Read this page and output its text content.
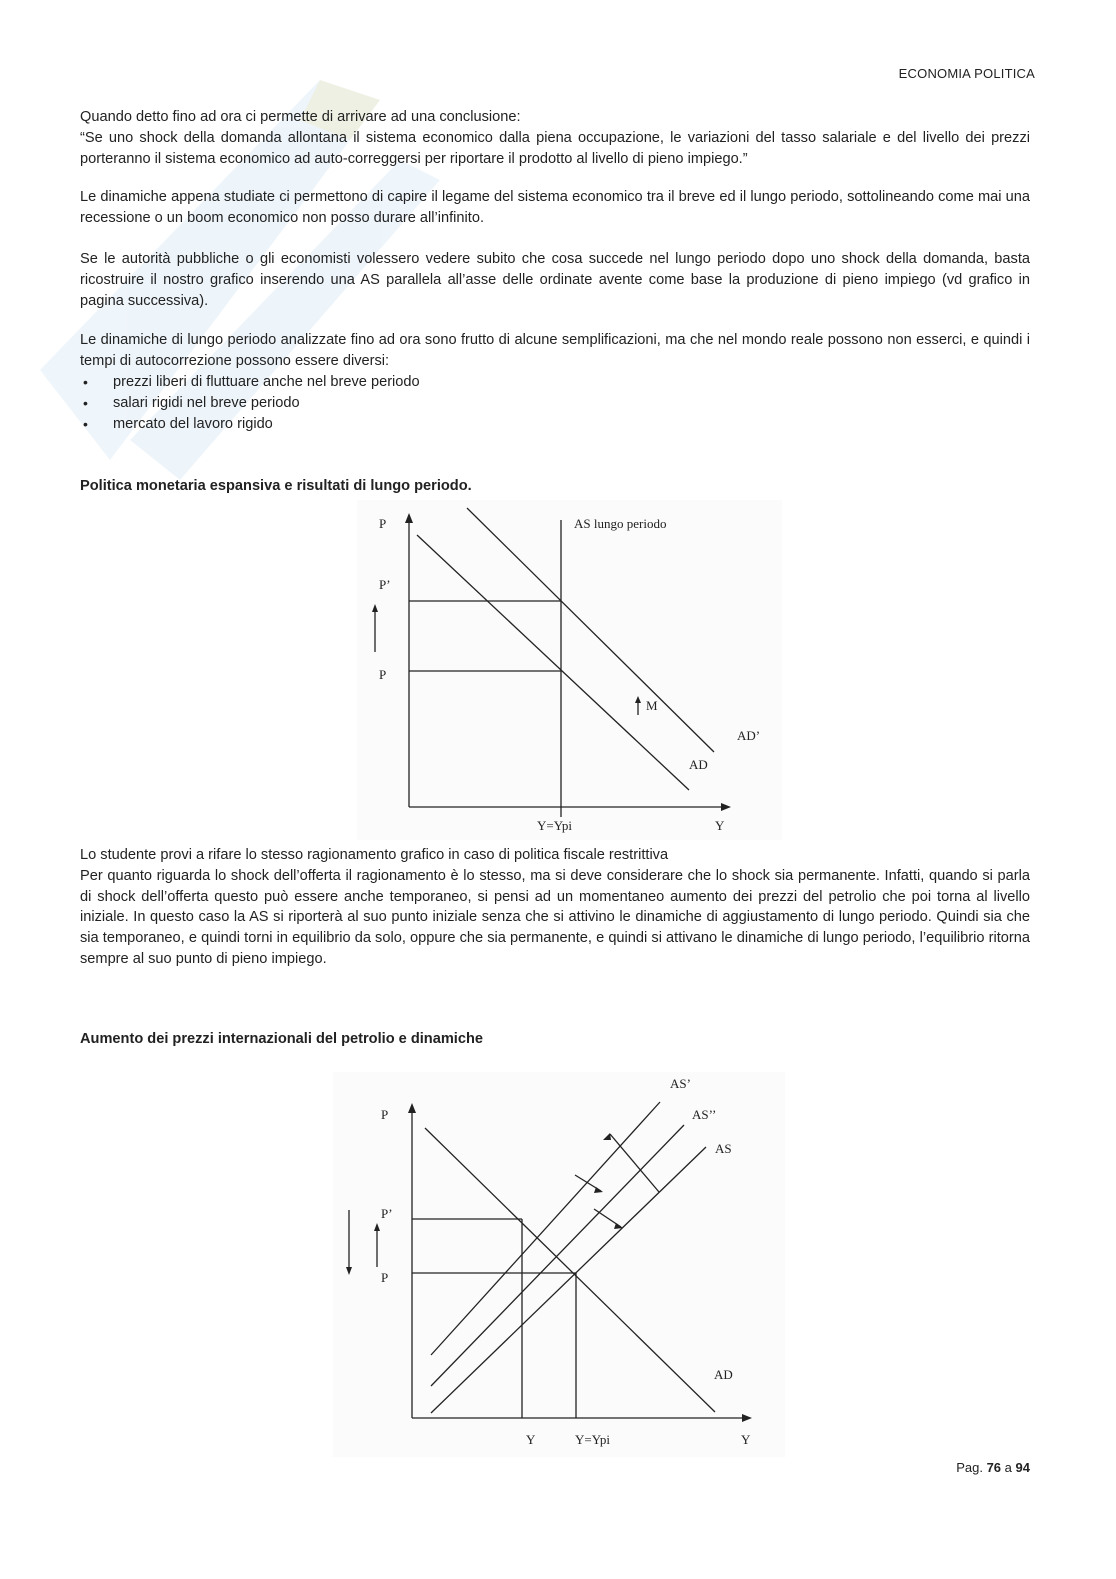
ECONOMIA POLITICA

Quando detto fino ad ora ci permette di arrivare ad una conclusione:

“Se uno shock della domanda allontana il sistema economico dalla piena occupazione, le variazioni del tasso salariale e del livello dei prezzi porteranno il sistema economico ad auto-correggersi per riportare il prodotto al livello di pieno impiego.”

Le dinamiche appena studiate ci permettono di capire il legame del sistema economico tra il breve ed il lungo periodo, sottolineando come mai una recessione o un boom economico non posso durare all’infinito.

Se le autorità pubbliche o gli economisti volessero vedere subito che cosa succede nel lungo periodo dopo uno shock della domanda, basta ricostruire il nostro grafico inserendo una AS parallela all’asse delle ordinate avente come base la produzione di pieno impiego (vd grafico in pagina successiva).

Le dinamiche di lungo periodo analizzate fino ad ora sono frutto di alcune semplificazioni, ma che nel mondo reale possono non esserci, e quindi i tempi di autocorrezione possono essere diversi:

• prezzi liberi di fluttuare anche nel breve periodo
• salari rigidi nel breve periodo
• mercato del lavoro rigido
Politica monetaria espansiva e risultati di lungo periodo.
P
P’
P
AS lungo periodo
M
AD’
AD
Y=Ypi	Y

Lo studente provi a rifare lo stesso ragionamento grafico in caso di politica fiscale restrittiva

Per quanto riguarda lo shock dell’offerta il ragionamento è lo stesso, ma si deve considerare che lo shock sia permanente. Infatti, quando si parla di shock dell’offerta questo può essere anche temporaneo, si pensi ad un momentaneo aumento dei prezzi del petrolio che poi torna al livello iniziale. In questo caso la AS si riporterà al suo punto iniziale senza che si attivino le dinamiche di aggiustamento di lungo periodo. Quindi sia che sia temporaneo, e quindi torni in equilibrio da solo, oppure che sia permanente, e quindi si attivano le dinamiche di lungo periodo, l’equilibrio ritorna sempre al suo punto di pieno impiego.

Aumento dei prezzi internazionali del petrolio e dinamiche
P
P’
P
AS’
AS’’
AS
AD
Y	Y=Ypi	Y
Pag. 76 a 94
